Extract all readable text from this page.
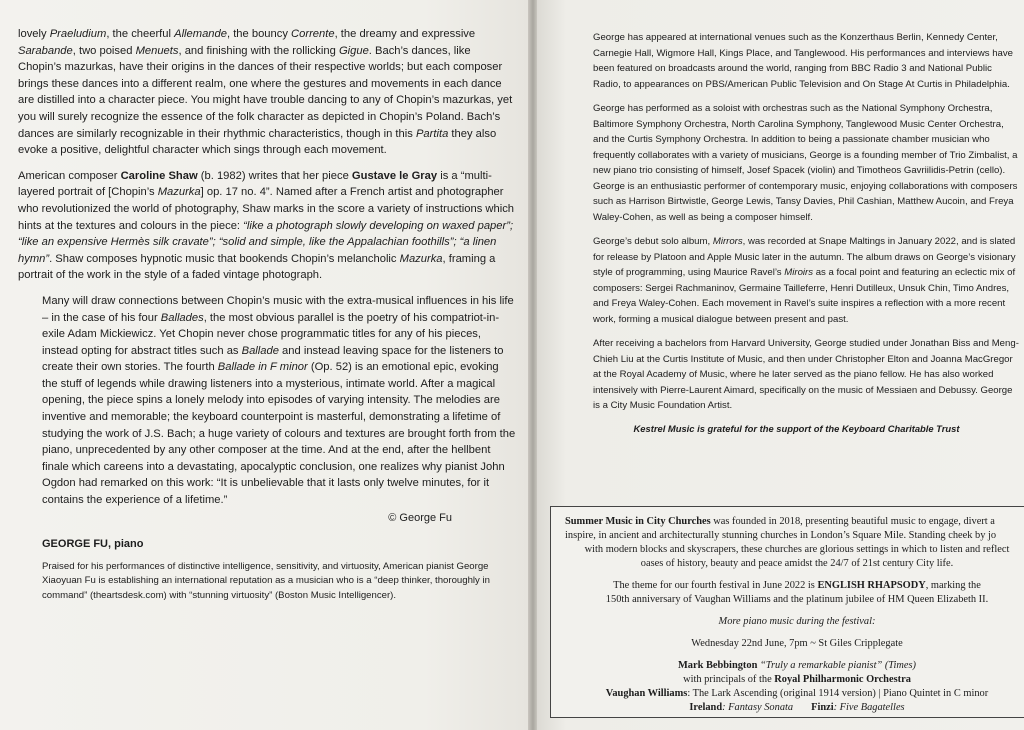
lovely Praeludium, the cheerful Allemande, the bouncy Corrente, the dreamy and expressive Sarabande, two poised Menuets, and finishing with the rollicking Gigue. Bach’s dances, like Chopin’s mazurkas, have their origins in the dances of their respective worlds; but each composer brings these dances into a different realm, one where the gestures and movements in each dance are distilled into a character piece. You might have trouble dancing to any of Chopin’s mazurkas, yet you will surely recognize the essence of the folk character as depicted in Chopin’s Poland. Bach’s dances are similarly recognizable in their rhythmic characteristics, though in this Partita they also evoke a positive, delightful character which sings through each movement.

American composer Caroline Shaw (b. 1982) writes that her piece Gustave le Gray is a “multi-layered portrait of [Chopin’s Mazurka] op. 17 no. 4”. Named after a French artist and photographer who revolutionized the world of photography, Shaw marks in the score a variety of instructions which hints at the textures and colours in the piece: “like a photograph slowly developing on waxed paper”; “like an expensive Hermès silk cravate”; “solid and simple, like the Appalachian foothills”; “a linen hymn”. Shaw composes hypnotic music that bookends Chopin’s melancholic Mazurka, framing a portrait of the work in the style of a faded vintage photograph.

Many will draw connections between Chopin’s music with the extra-musical influences in his life – in the case of his four Ballades, the most obvious parallel is the poetry of his compatriot-in-exile Adam Mickiewicz. Yet Chopin never chose programmatic titles for any of his pieces, instead opting for abstract titles such as Ballade and instead leaving space for the listeners to create their own stories. The fourth Ballade in F minor (Op. 52) is an emotional epic, evoking the stuff of legends while drawing listeners into a mysterious, intimate world. After a magical opening, the piece spins a lonely melody into episodes of varying intensity. The melodies are inventive and memorable; the keyboard counterpoint is masterful, demonstrating a lifetime of studying the work of J.S. Bach; a huge variety of colours and textures are brought forth from the piano, unprecedented by any other composer at the time. And at the end, after the hellbent finale which careens into a devastating, apocalyptic conclusion, one realizes why pianist John Ogdon had remarked on this work: “It is unbelievable that it lasts only twelve minutes, for it contains the experience of a lifetime.”

© George Fu
GEORGE FU, piano

Praised for his performances of distinctive intelligence, sensitivity, and virtuosity, American pianist George Xiaoyuan Fu is establishing an international reputation as a musician who is a “deep thinker, thoroughly in command” (theartsdesk.com) with “stunning virtuosity” (Boston Music Intelligencer).

George has appeared at international venues such as the Konzerthaus Berlin, Kennedy Center, Carnegie Hall, Wigmore Hall, Kings Place, and Tanglewood. His performances and interviews have been featured on broadcasts around the world, ranging from BBC Radio 3 and National Public Radio, to appearances on PBS/American Public Television and On Stage At Curtis in Philadelphia.

George has performed as a soloist with orchestras such as the National Symphony Orchestra, Baltimore Symphony Orchestra, North Carolina Symphony, Tanglewood Music Center Orchestra, and the Curtis Symphony Orchestra. In addition to being a passionate chamber musician who frequently collaborates with a variety of musicians, George is a founding member of Trio Zimbalist, a new piano trio consisting of himself, Josef Spacek (violin) and Timotheos Gavriilidis-Petrin (cello). George is an enthusiastic performer of contemporary music, enjoying collaborations with composers such as Harrison Birtwistle, George Lewis, Tansy Davies, Phil Cashian, Matthew Aucoin, and Freya Waley-Cohen, as well as being a composer himself.

George’s debut solo album, Mirrors, was recorded at Snape Maltings in January 2022, and is slated for release by Platoon and Apple Music later in the autumn. The album draws on George’s visionary style of programming, using Maurice Ravel’s Miroirs as a focal point and featuring an eclectic mix of composers: Sergei Rachmaninov, Germaine Tailleferre, Henri Dutilleux, Unsuk Chin, Timo Andres, and Freya Waley-Cohen. Each movement in Ravel’s suite inspires a reflection with a more recent work, forming a musical dialogue between present and past.

After receiving a bachelors from Harvard University, George studied under Jonathan Biss and Meng-Chieh Liu at the Curtis Institute of Music, and then under Christopher Elton and Joanna MacGregor at the Royal Academy of Music, where he later served as the piano fellow. He has also worked intensively with Pierre-Laurent Aimard, specifically on the music of Messiaen and Debussy. George is a City Music Foundation Artist.

Kestrel Music is grateful for the support of the Keyboard Charitable Trust
Summer Music in City Churches was founded in 2018, presenting beautiful music to engage, divert a
inspire, in ancient and architecturally stunning churches in London’s Square Mile. Standing cheek by jo
with modern blocks and skyscrapers, these churches are glorious settings in which to listen and reflect
oases of history, beauty and peace amidst the 24/7 of 21st century City life.
The theme for our fourth festival in June 2022 is ENGLISH RHAPSODY, marking the
150th anniversary of Vaughan Williams and the platinum jubilee of HM Queen Elizabeth II.
More piano music during the festival:
Wednesday 22nd June, 7pm ~ St Giles Cripplegate
Mark Bebbington “Truly a remarkable pianist” (Times)
with principals of the Royal Philharmonic Orchestra
Vaughan Williams: The Lark Ascending (original 1914 version) | Piano Quintet in C minor
Ireland: Fantasy Sonata Finzi: Five Bagatelles
